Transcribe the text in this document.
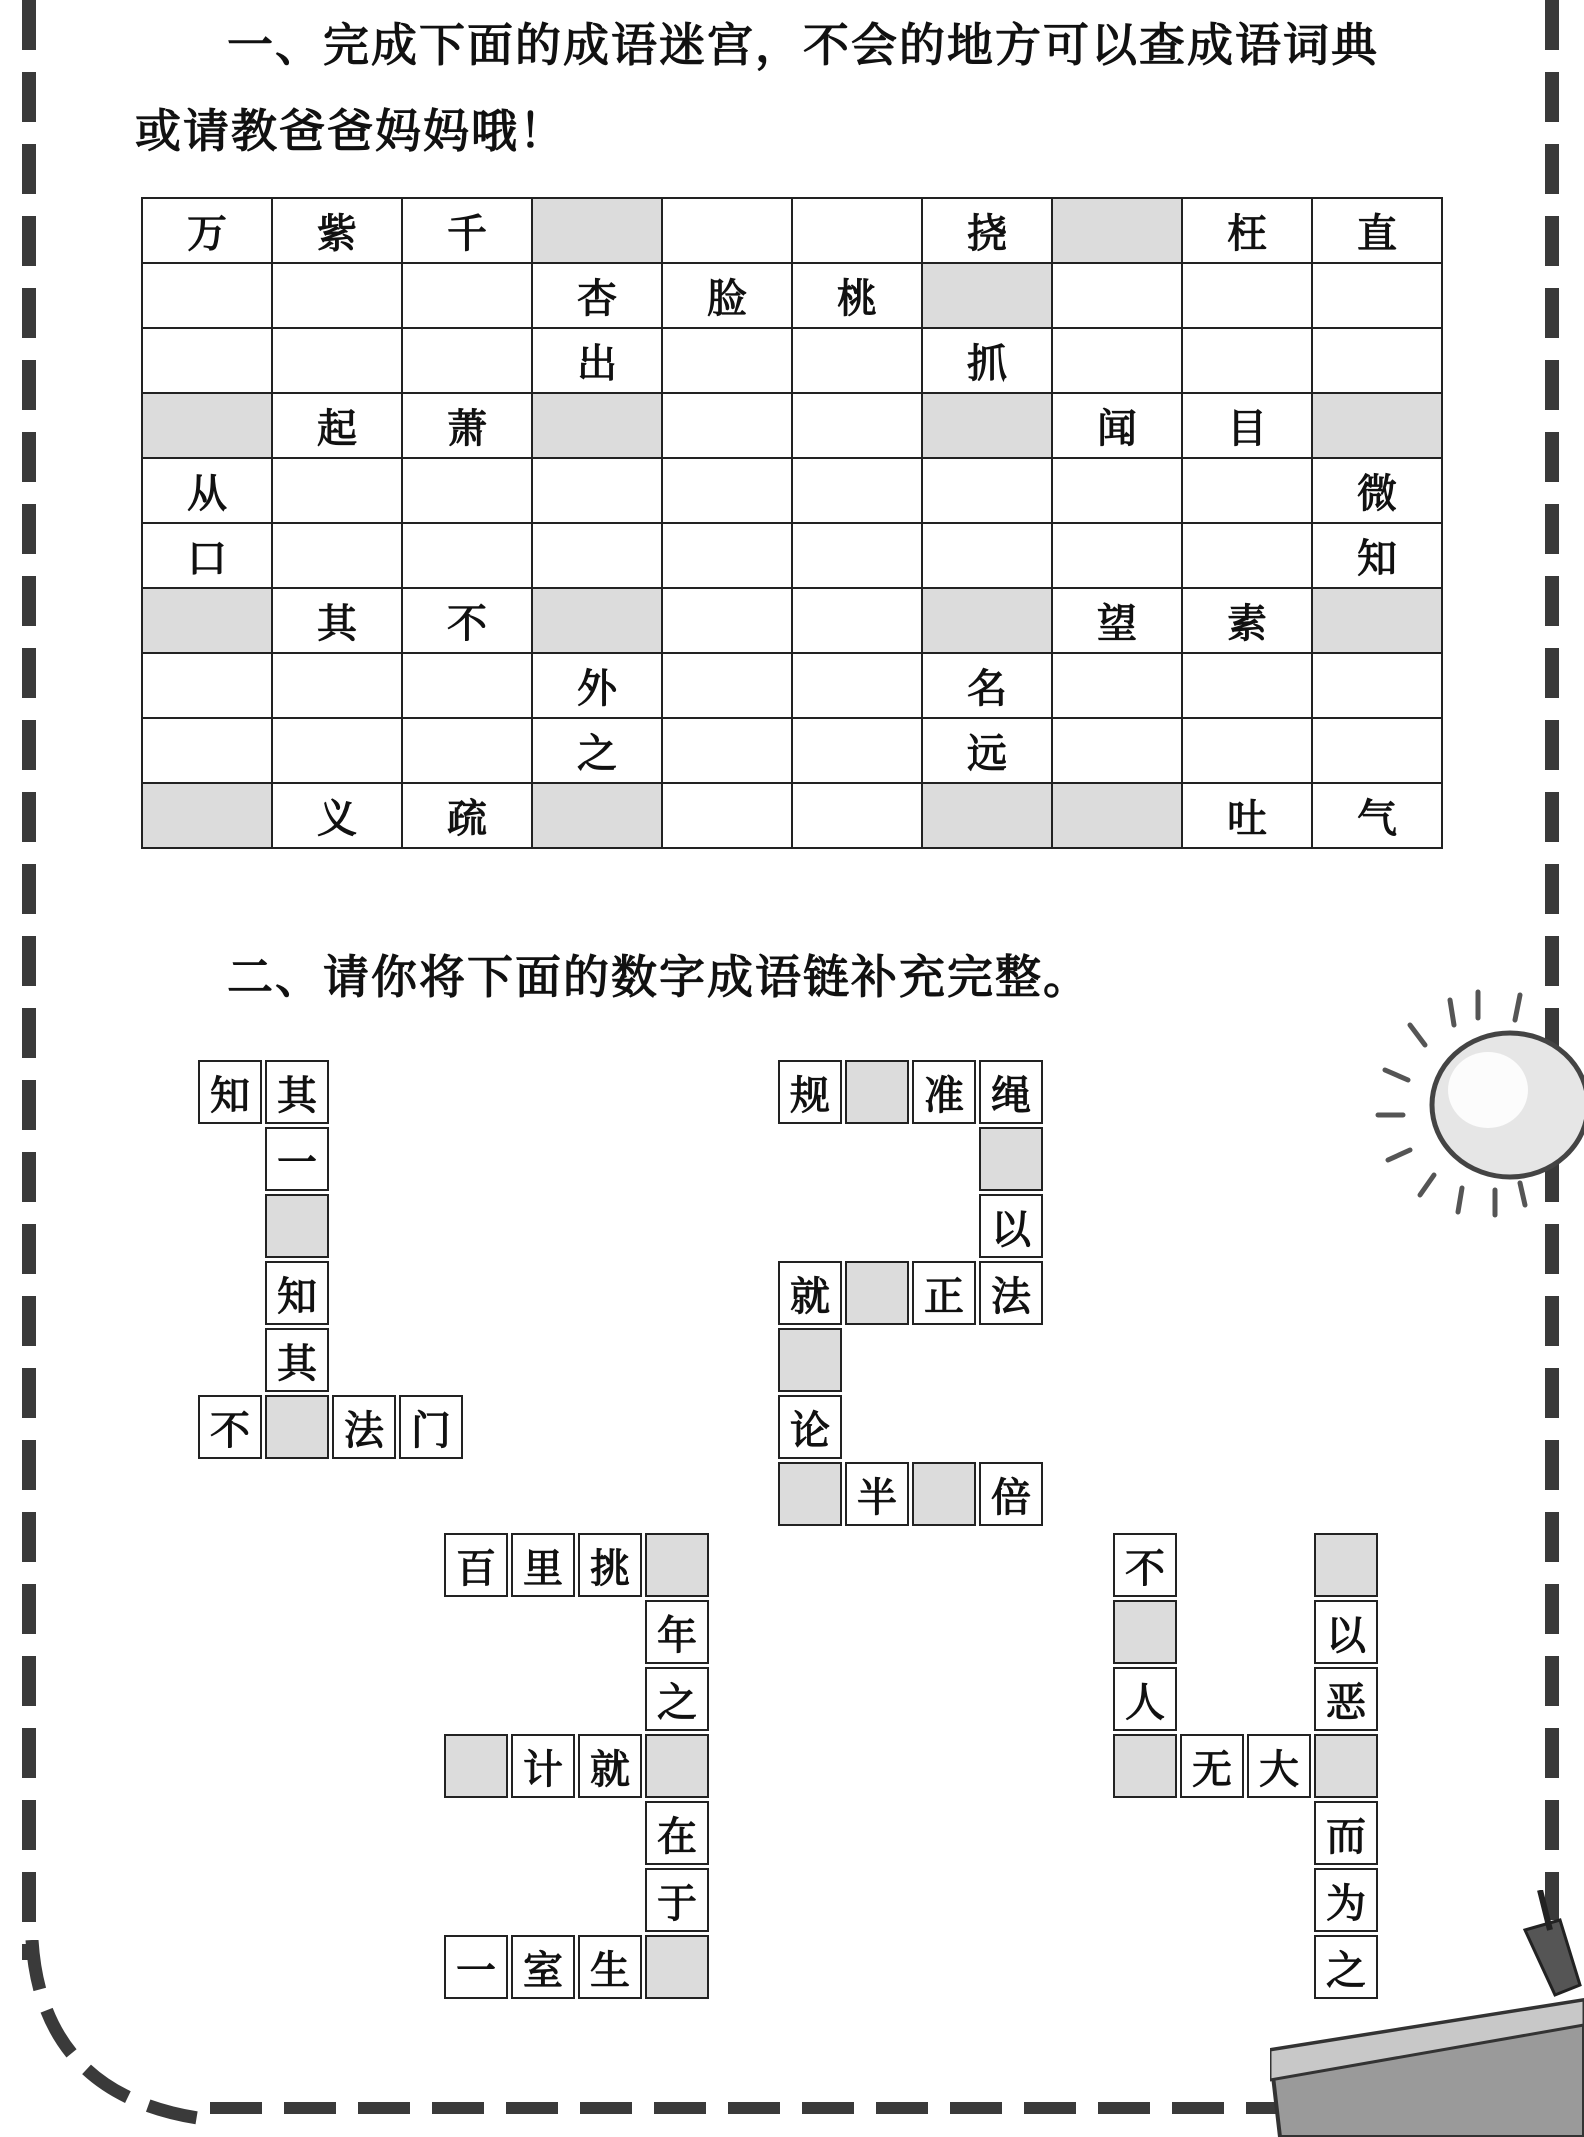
一、完成下面的成语迷宫，不会的地方可以查成语词典

或请教爸爸妈妈哦！

万	紫	千				挠		枉	直
			杏	脸	桃				
			出			抓			
	起	萧					闻	目	
从									微
口									知
	其	不					望	素	
			外			名			
			之			远			
	义	疏						吐	气

二、请你将下面的数字成语链补充完整。

知 其
一
知
其
不	法 门
规	准 绳
以
就	正 法
论
半	倍
百 里 挑
年
之
计 就
在
于
一 室 生
不
以
人	恶
无 大
而
为
之
